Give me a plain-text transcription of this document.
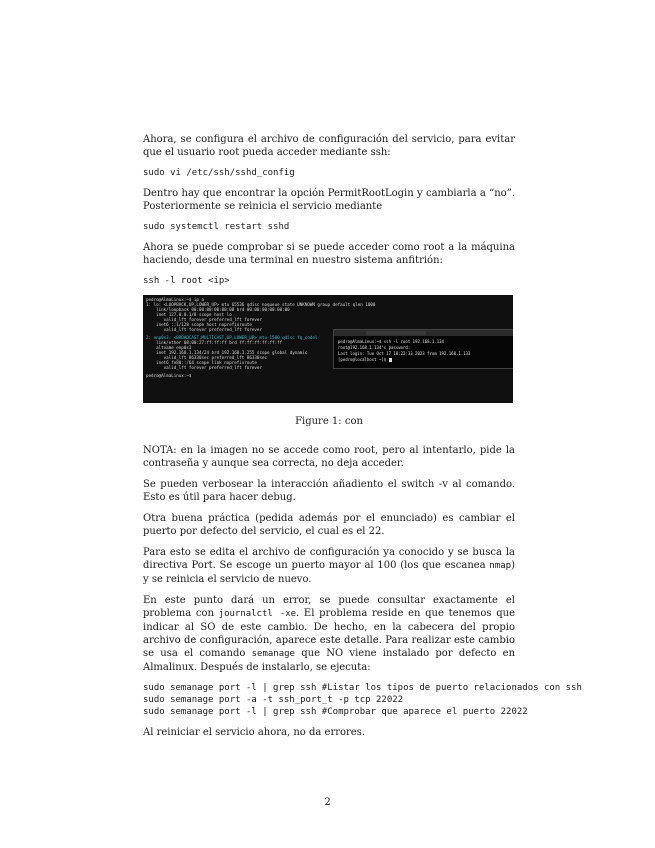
Ahora, se configura el archivo de configuración del servicio, para evitar que el usuario root pueda acceder mediante ssh:

sudo vi /etc/ssh/sshd_config

Dentro hay que encontrar la opción PermitRootLogin y cambiarla a “no”. Posteriormente se reinicia el servicio mediante

sudo systemctl restart sshd

Ahora se puede comprobar si se puede acceder como root a la máquina haciendo, desde una terminal en nuestro sistema anfitrión:

ssh -l root <ip>
pedro@AlmaLinux:~$ ip a
1: lo: <LOOPBACK,UP,LOWER_UP> mtu 65536 qdisc noqueue state UNKNOWN group default qlen 1000
link/loopback 00:00:00:00:00:00 brd 00:00:00:00:00:00
inet 127.0.0.1/8 scope host lo
valid_lft forever preferred_lft forever
inet6 ::1/128 scope host noprefixroute
valid_lft forever preferred_lft forever
2: enp0s3: <BROADCAST,MULTICAST,UP,LOWER_UP> mtu 1500 qdisc fq_codel
link/ether 08:00:27:ff:ff:ff brd ff:ff:ff:ff:ff:ff
altname enp0s3
inet 192.168.1.134/24 brd 192.168.1.255 scope global dynamic
valid_lft 86330sec preferred_lft 86330sec
inet6 fe80::/64 scope link noprefixroute
valid_lft forever preferred_lft forever
pedro@AlmaLinux:~$
pedro@AlmaLinux:~$ ssh -l root 192.168.1.134
root@192.168.1.134's password:
Last login: Tue Oct 17 10:22:33 2023 from 192.168.1.133
[pedro@localhost ~]$
Figure 1: con

NOTA: en la imagen no se accede como root, pero al intentarlo, pide la contraseña y aunque sea correcta, no deja acceder.

Se pueden verbosear la interacción añadiento el switch -v al comando. Esto es útil para hacer debug.

Otra buena práctica (pedida además por el enunciado) es cambiar el puerto por defecto del servicio, el cual es el 22.

Para esto se edita el archivo de configuración ya conocido y se busca la directiva Port. Se escoge un puerto mayor al 100 (los que escanea nmap) y se reinicia el servicio de nuevo.

En este punto dará un error, se puede consultar exactamente el problema con journalctl -xe. El problema reside en que tenemos que indicar al SO de este cambio. De hecho, en la cabecera del propio archivo de configuración, aparece este detalle. Para realizar este cambio se usa el comando semanage que NO viene instalado por defecto en Almalinux. Después de instalarlo, se ejecuta:

sudo semanage port -l | grep ssh #Listar los tipos de puerto relacionados con ssh
sudo semanage port -a -t ssh_port_t -p tcp 22022
sudo semanage port -l | grep ssh #Comprobar que aparece el puerto 22022

Al reiniciar el servicio ahora, no da errores.

2
